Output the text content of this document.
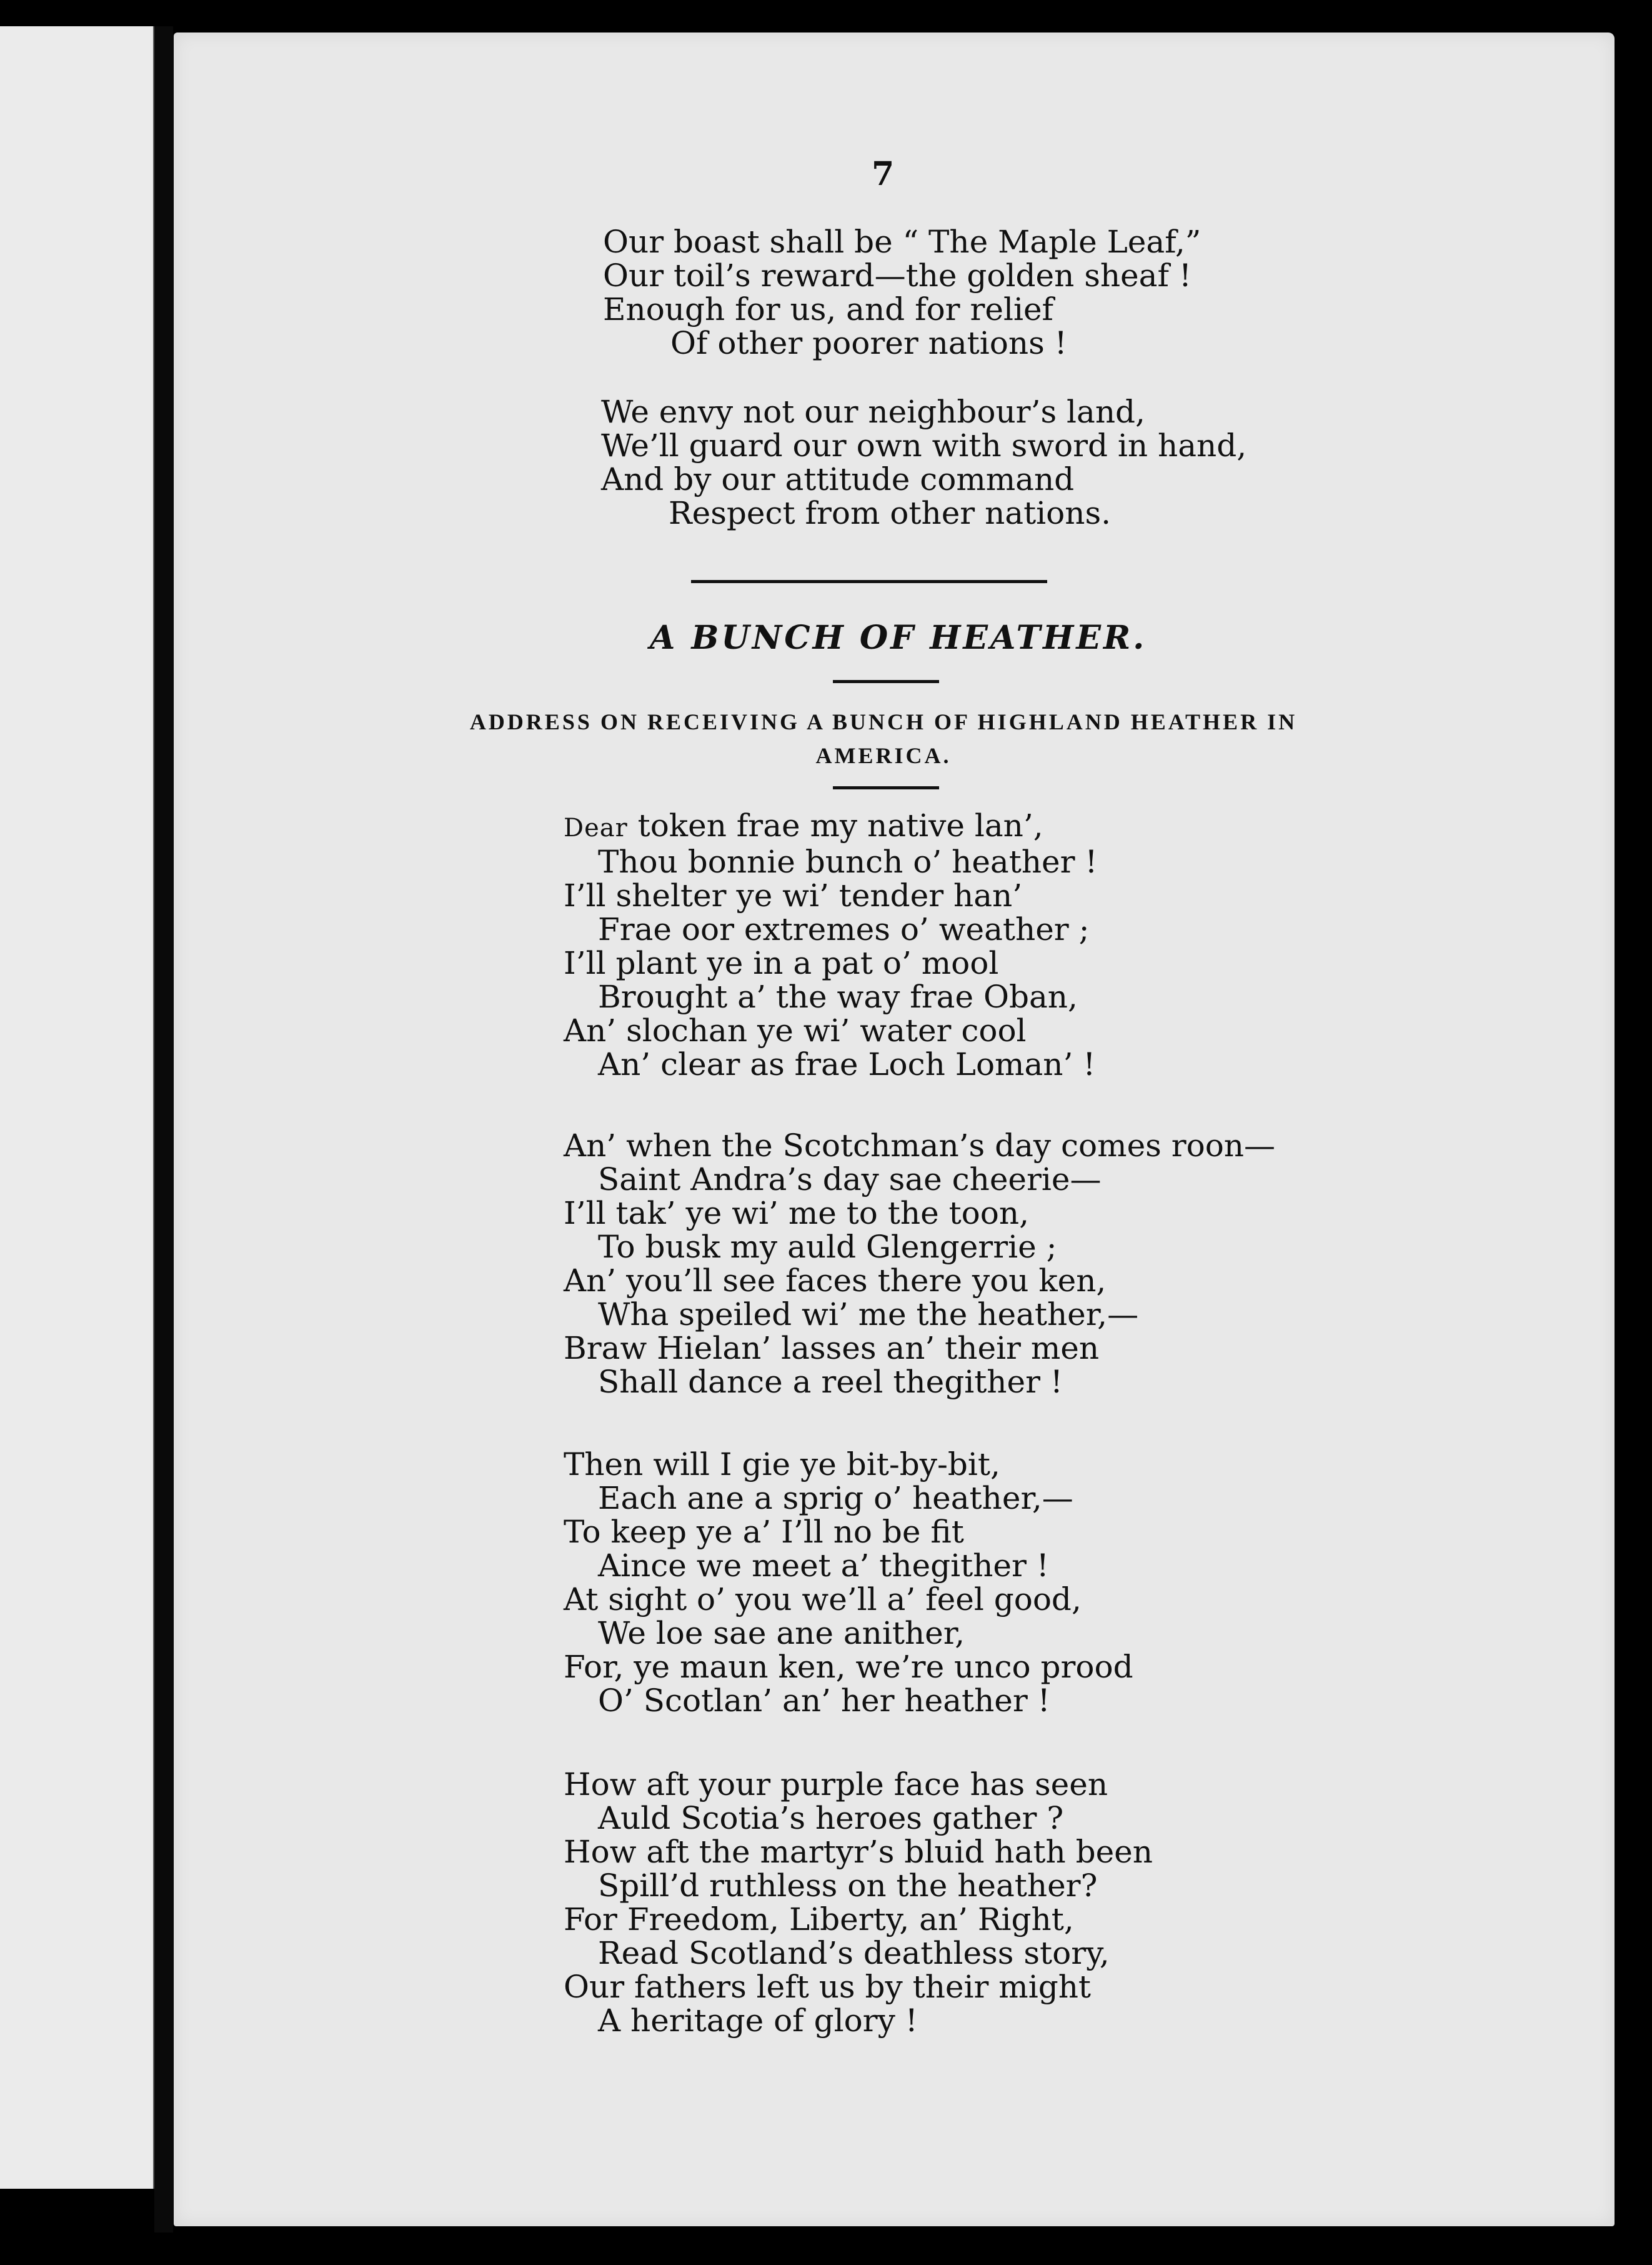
7
Our boast shall be “ The Maple Leaf,”
Our toil’s reward—the golden sheaf !
Enough for us, and for relief
Of other poorer nations !
We envy not our neighbour’s land,
We’ll guard our own with sword in hand,
And by our attitude command
Respect from other nations.
A BUNCH OF HEATHER.
ADDRESS ON RECEIVING A BUNCH OF HIGHLAND HEATHER IN AMERICA.
Dear token frae my native lan’,
Thou bonnie bunch o’ heather !
I’ll shelter ye wi’ tender han’
Frae oor extremes o’ weather ;
I’ll plant ye in a pat o’ mool
Brought a’ the way frae Oban,
An’ slochan ye wi’ water cool
An’ clear as frae Loch Loman’ !
An’ when the Scotchman’s day comes roon—
Saint Andra’s day sae cheerie—
I’ll tak’ ye wi’ me to the toon,
To busk my auld Glengerrie ;
An’ you’ll see faces there you ken,
Wha speiled wi’ me the heather,—
Braw Hielan’ lasses an’ their men
Shall dance a reel thegither !
Then will I gie ye bit-by-bit,
Each ane a sprig o’ heather,—
To keep ye a’ I’ll no be fit
Aince we meet a’ thegither !
At sight o’ you we’ll a’ feel good,
We loe sae ane anither,
For, ye maun ken, we’re unco prood
O’ Scotlan’ an’ her heather !
How aft your purple face has seen
Auld Scotia’s heroes gather ?
How aft the martyr’s bluid hath been
Spill’d ruthless on the heather?
For Freedom, Liberty, an’ Right,
Read Scotland’s deathless story,
Our fathers left us by their might
A heritage of glory !
